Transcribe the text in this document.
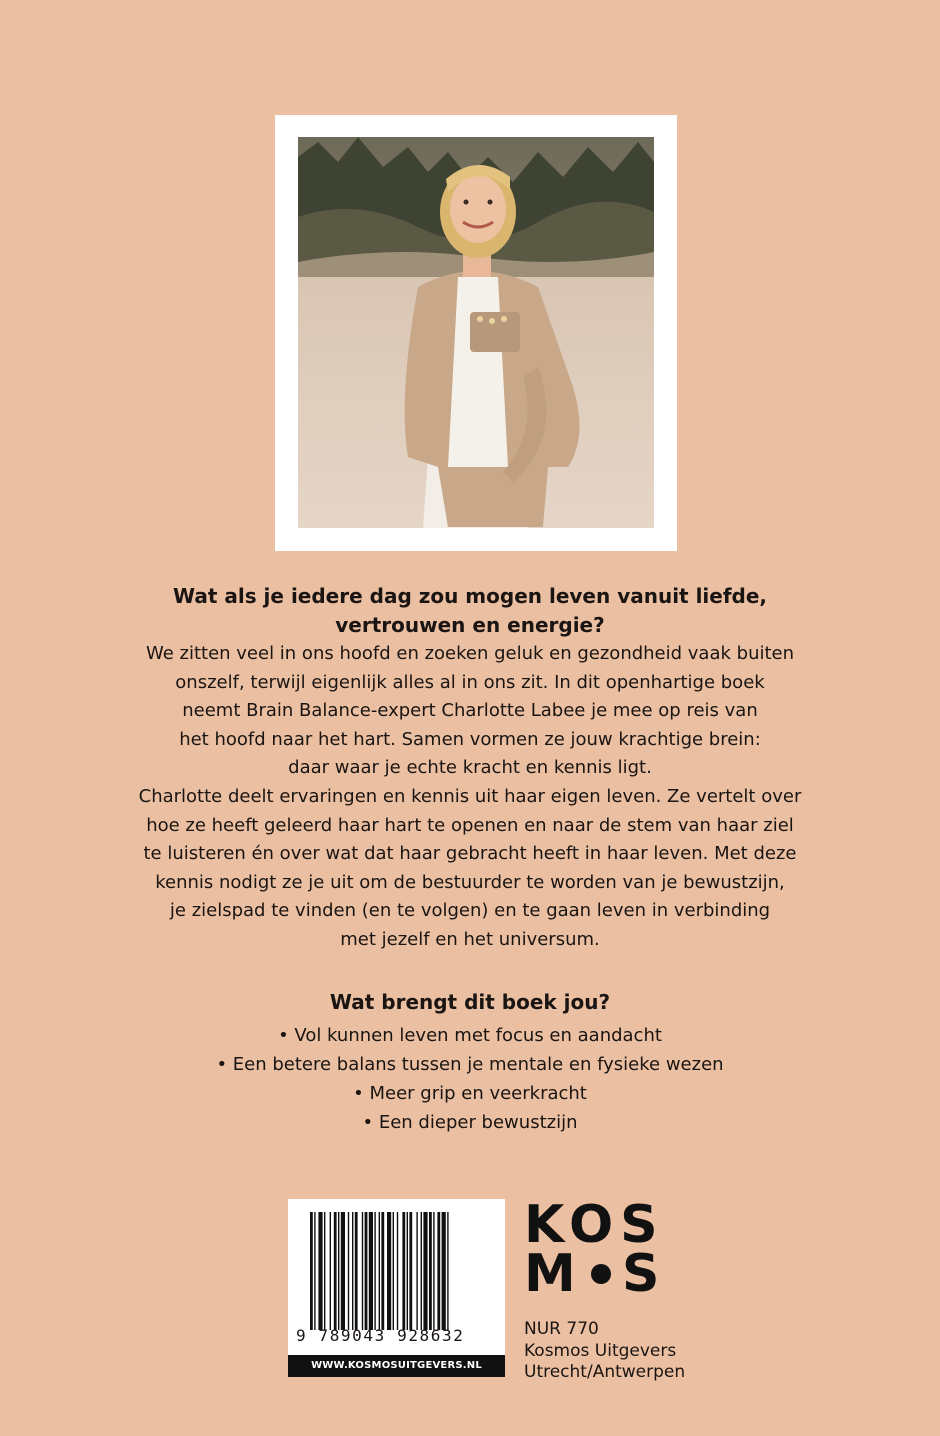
Wat als je iedere dag zou mogen leven vanuit liefde,
vertrouwen en energie?

We zitten veel in ons hoofd en zoeken geluk en gezondheid vaak buiten
onszelf, terwijl eigenlijk alles al in ons zit. In dit openhartige boek
neemt Brain Balance-expert Charlotte Labee je mee op reis van
het hoofd naar het hart. Samen vormen ze jouw krachtige brein:
daar waar je echte kracht en kennis ligt.

Charlotte deelt ervaringen en kennis uit haar eigen leven. Ze vertelt over
hoe ze heeft geleerd haar hart te openen en naar de stem van haar ziel
te luisteren én over wat dat haar gebracht heeft in haar leven. Met deze
kennis nodigt ze je uit om de bestuurder te worden van je bewustzijn,
je zielspad te vinden (en te volgen) en te gaan leven in verbinding
met jezelf en het universum.

Wat brengt dit boek jou?
• Vol kunnen leven met focus en aandacht
• Een betere balans tussen je mentale en fysieke wezen
• Meer grip en veerkracht
• Een dieper bewustzijn
9 789043 928632
WWW.KOSMOSUITGEVERS.NL
KOS
M S
NUR 770
Kosmos Uitgevers
Utrecht/Antwerpen
